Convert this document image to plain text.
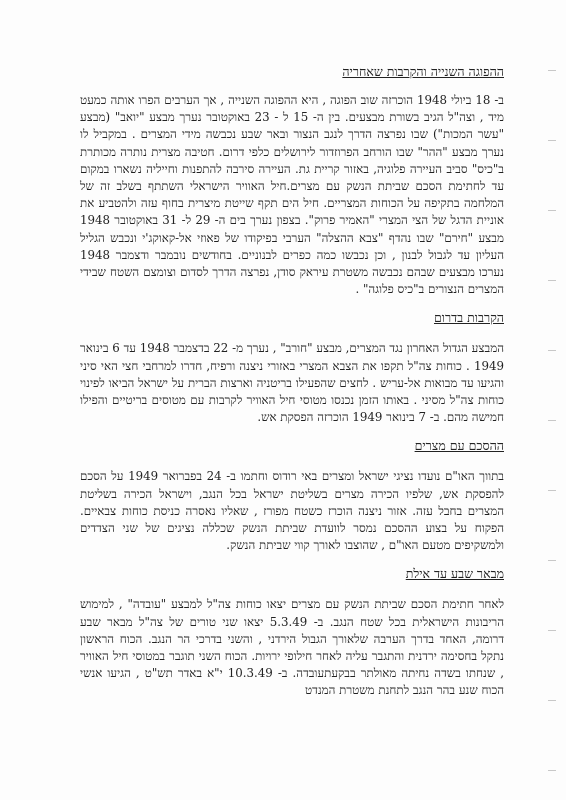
ההפוגה השנייה והקרבות שאחריה

ב- 18 ביולי 1948 הוכרזה שוב הפוגה , היא ההפוגה השנייה , אך הערבים הפרו אותה כמעט מיד , וצה"ל הגיב בשורת מבצעים. בין ה- 15 ל - 23 באוקטובר נערך מבצע "יואב" (מבצע "עשר המכות") שבו נפרצה הדרך לנגב הנצור ובאר שבע נכבשה מידי המצרים . במקביל לו נערך מבצע "ההר" שבו הורחב הפרוזדור לירושלים כלפי דרום. חטיבה מצרית נותרה מכותרת ב"כיס" סביב העיירה פלוגיה, באזור קריית גת. העיירה סירבה להתפנות וחייליה נשארו במקום עד לחתימת הסכם שביתת הנשק עם מצרים.חיל האוויר הישראלי השתתף בשלב זה של המלחמה בתקיפה על הכוחות המצריים. חיל הים תקף שייטת מיצרית בחוף עזה ולהטביע את אוניית הדגל של הצי המצרי "האמיר פרוק". בצפון נערך בים ה- 29 ל- 31 באוקטובר 1948 מבצע "חירם" שבו נהדף "צבא ההצלה" הערבי בפיקודו של פאוזי אל-קאוקג'י ונכבש הגליל העליון עד לגבול לבנון , וכן נכבשו כמה כפרים לבנוניים. בחודשים נובמבר ודצמבר 1948 נערכו מבצעים שבהם נכבשה משטרת עיראק סודן, נפרצה הדרך לסדום וצומצם השטח שבידי המצרים הנצורים ב"כיס פלוגה" .

הקרבות בדרום

המבצע הגדול האחרון נגד המצרים, מבצע "חורב" , נערך מ- 22 בדצמבר 1948 עד 6 בינואר 1949 . כוחות צה"ל תקפו את הצבא המצרי באזורי ניצנה ורפיח, חדרו למרחבי חצי האי סיני והגיעו עד מבואות אל-עריש . לחצים שהפעילו בריטניה וארצות הברית על ישראל הביאו לפינוי כוחות צה"ל מסיני . באותו הזמן נכנסו מטוסי חיל האוויר לקרבות עם מטוסים בריטיים והפילו חמישה מהם. ב- 7 בינואר 1949 הוכרזה הפסקת אש.

ההסכם עם מצרים

בתווך האו"ם נועדו נציגי ישראל ומצרים באי רודוס וחתמו ב- 24 בפברואר 1949 על הסכם להפסקת אש, שלפיו הכירה מצרים בשליטת ישראל בכל הנגב, וישראל הכירה בשליטת המצרים בחבל עזה. אזור ניצנה הוכרז כשטח מפורז , שאליו נאסרה כניסת כוחות צבאיים. הפקוח על בצוע ההסכם נמסר לוועדת שביתת הנשק שכללה נציגים של שני הצדדים ולמשקיפים מטעם האו"ם , שהוצבו לאורך קווי שביתת הנשק.

מבאר שבע עד אילת

לאחר חתימת הסכם שביתת הנשק עם מצרים יצאו כוחות צה"ל למבצע "עובדה" , למימוש הריבונות הישראלית בכל שטח הנגב. ב- 5.3.49 יצאו שני טורים של צה"ל מבאר שבע דרומה, האחד בדרך הערבה שלאורך הגבול הירדני , והשני בדרכי הר הנגב. הכוח הראשון נתקל בחסימה ירדנית והתגבר עליה לאחר חילופי ירויות. הכוח השני תוגבר במטוסי חיל האוויר , שנחתו בשדה נחיתה מאולתר בבקעתעובדה. ב- 10.3.49 י"א באדר תש"ט , הגיעו אנשי הכוח שנע בהר הנגב לתחנת משטרת המנדט
